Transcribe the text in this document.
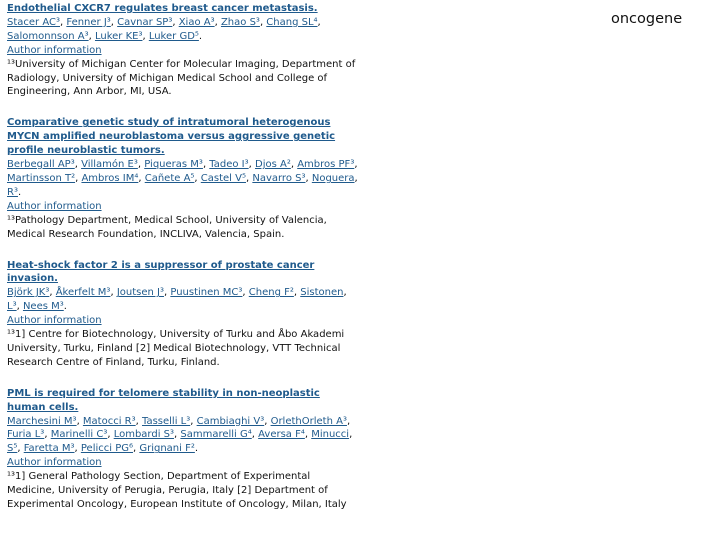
oncogene
Endothelial CXCR7 regulates breast cancer metastasis.
Stacer AC³, Fenner J³, Cavnar SP³, Xiao A³, Zhao S³, Chang SL⁴,
Salomonnson A³, Luker KE³, Luker GD⁵.
Author information
¹³University of Michigan Center for Molecular Imaging, Department of Radiology, University of Michigan Medical School and College of Engineering, Ann Arbor, MI, USA.
Comparative genetic study of intratumoral heterogenous MYCN amplified neuroblastoma versus aggressive genetic profile neuroblastic tumors.
Berbegall AP³, Villamón E³, Piqueras M³, Tadeo I³, Djos A², Ambros PF³,
Martinsson T², Ambros IM⁴, Cañete A⁵, Castel V⁵, Navarro S³, Noguera,
R³.
Author information
¹³Pathology Department, Medical School, University of Valencia, Medical Research Foundation, INCLIVA, Valencia, Spain.
Heat-shock factor 2 is a suppressor of prostate cancer invasion.
Björk JK³, Åkerfelt M³, Joutsen J³, Puustinen MC³, Cheng F², Sistonen,
L³, Nees M³.
Author information
¹³1] Centre for Biotechnology, University of Turku and Åbo Akademi University, Turku, Finland [2] Medical Biotechnology, VTT Technical Research Centre of Finland, Turku, Finland.
PML is required for telomere stability in non-neoplastic human cells.
Marchesini M³, Matocci R³, Tasselli L³, Cambiaghi V³, OrlethOrleth A³,
Furia L³, Marinelli C³, Lombardi S³, Sammarelli G⁴, Aversa F⁴, Minucci,
S⁵, Faretta M³, Pelicci PG⁶, Grignani F².
Author information
¹³1] General Pathology Section, Department of Experimental Medicine, University of Perugia, Perugia, Italy [2] Department of Experimental Oncology, European Institute of Oncology, Milan, Italy
